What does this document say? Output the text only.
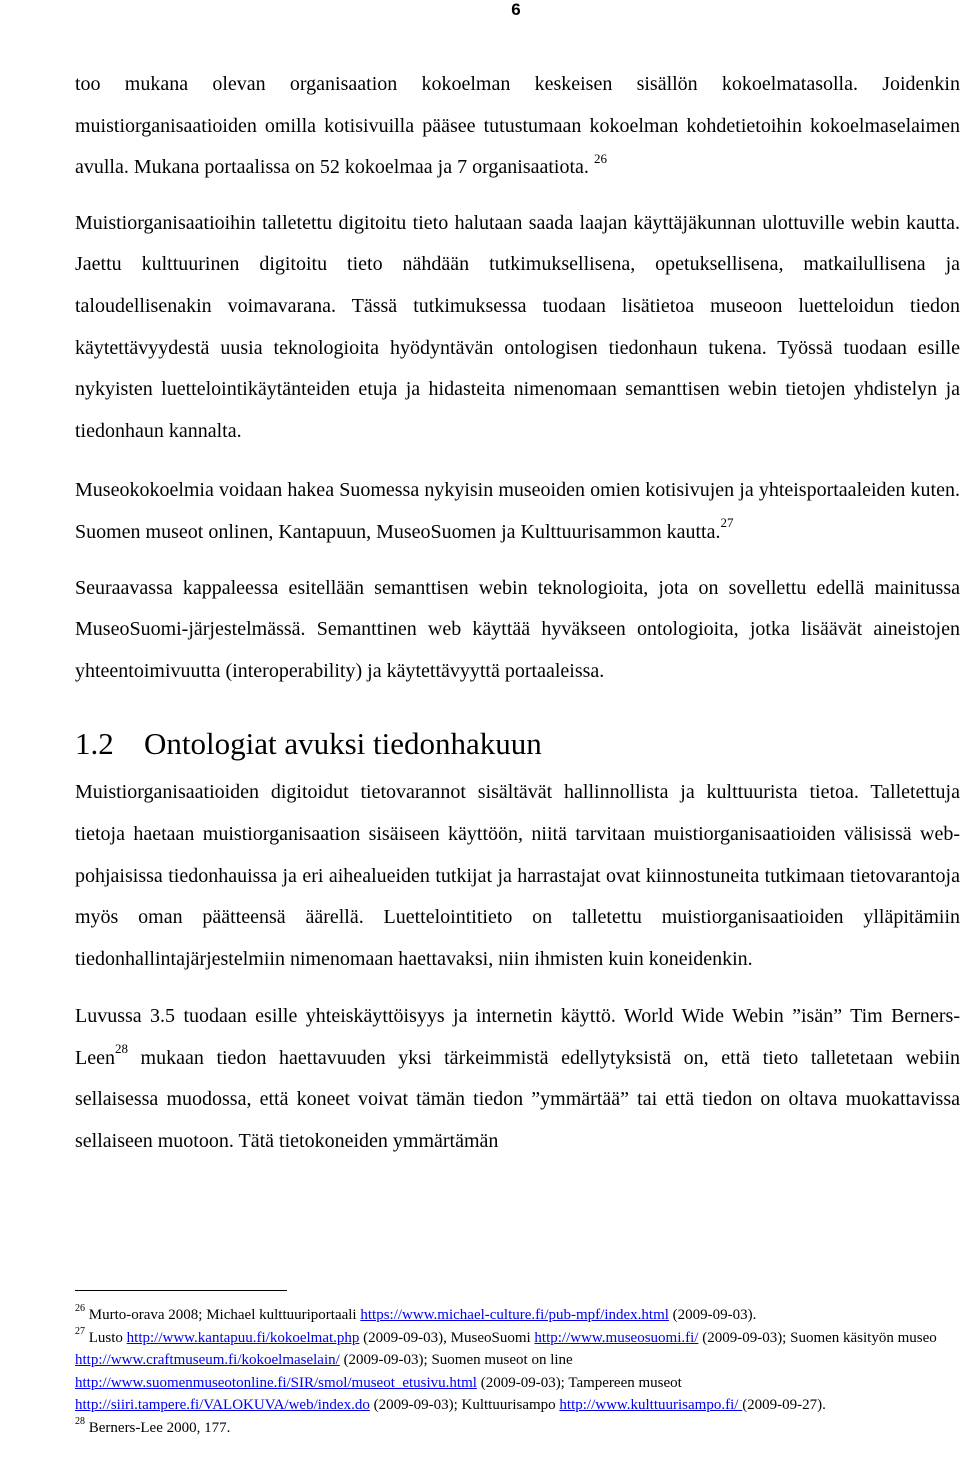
6

too mukana olevan organisaation kokoelman keskeisen sisällön kokoelmatasolla. Joidenkin muistiorganisaatioiden omilla kotisivuilla pääsee tutustumaan kokoelman kohdetietoihin kokoelmaselaimen avulla. Mukana portaalissa on 52 kokoelmaa ja 7 organisaatiota. $^{26}$

Muistiorganisaatioihin talletettu digitoitu tieto halutaan saada laajan käyttäjäkunnan ulottuville webin kautta. Jaettu kulttuurinen digitoitu tieto nähdään tutkimuksellisena, opetuksellisena, matkailullisena ja taloudellisenakin voimavarana. Tässä tutkimuksessa tuodaan lisätietoa museoon luetteloidun tiedon käytettävyydestä uusia teknologioita hyödyntävän ontologisen tiedonhaun tukena. Työssä tuodaan esille nykyisten luettelointikäytänteiden etuja ja hidasteita nimenomaan semanttisen webin tietojen yhdistelyn ja tiedonhaun kannalta.

Museokokoelmia voidaan hakea Suomessa nykyisin museoiden omien kotisivujen ja yhteisportaaleiden kuten. Suomen museot onlinen, Kantapuun, MuseoSuomen ja Kulttuurisammon kautta.$^{27}$

Seuraavassa kappaleessa esitellään semanttisen webin teknologioita, jota on sovellettu edellä mainitussa MuseoSuomi-järjestelmässä. Semanttinen web käyttää hyväkseen ontologioita, jotka lisäävät aineistojen yhteentoimivuutta (interoperability) ja käytettävyyttä portaaleissa.

1.2 Ontologiat avuksi tiedonhakuun

Muistiorganisaatioiden digitoidut tietovarannot sisältävät hallinnollista ja kulttuurista tietoa. Talletettuja tietoja haetaan muistiorganisaation sisäiseen käyttöön, niitä tarvitaan muistiorganisaatioiden välisissä web-pohjaisissa tiedonhauissa ja eri aihealueiden tutkijat ja harrastajat ovat kiinnostuneita tutkimaan tietovarantoja myös oman päätteensä äärellä. Luettelointitieto on talletettu muistiorganisaatioiden ylläpitämiin tiedonhallintajärjestelmiin nimenomaan haettavaksi, niin ihmisten kuin koneidenkin.

Luvussa 3.5 tuodaan esille yhteiskäyttöisyys ja internetin käyttö. World Wide Webin ”isän” Tim Berners-Leen$^{28}$ mukaan tiedon haettavuuden yksi tärkeimmistä edellytyksistä on, että tieto talletetaan webiin sellaisessa muodossa, että koneet voivat tämän tiedon ”ymmärtää” tai että tiedon on oltava muokattavissa sellaiseen muotoon. Tätä tietokoneiden ymmärtämän

$^{26}$ Murto-orava 2008; Michael kulttuuriportaali https://www.michael-culture.fi/pub-mpf/index.html (2009-09-03).
$^{27}$ Lusto http://www.kantapuu.fi/kokoelmat.php (2009-09-03), MuseoSuomi http://www.museosuomi.fi/ (2009-09-03); Suomen käsityön museo http://www.craftmuseum.fi/kokoelmaselain/ (2009-09-03); Suomen museot on line http://www.suomenmuseotonline.fi/SIR/smol/museot_etusivu.html (2009-09-03); Tampereen museot http://siiri.tampere.fi/VALOKUVA/web/index.do (2009-09-03); Kulttuurisampo http://www.kulttuurisampo.fi/ (2009-09-27).
$^{28}$ Berners-Lee 2000, 177.
